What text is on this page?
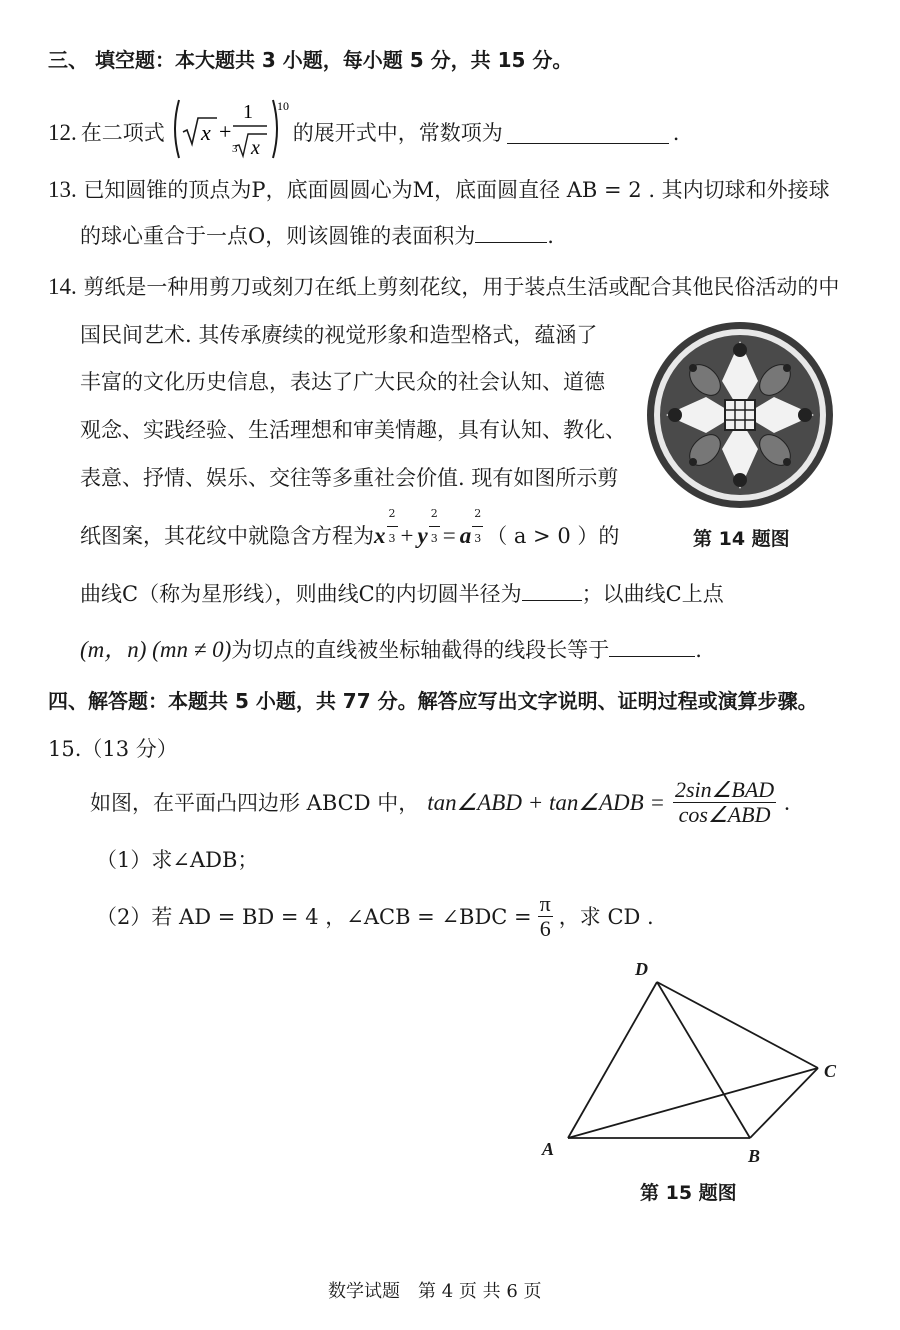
三、 填空题：本大题共 3 小题，每小题 5 分，共 15 分。
12. 在二项式 x +
1
3 x
10
的展开式中，常数项为	.
13. 已知圆锥的顶点为P，底面圆圆心为M，底面圆直径 AB = 2 . 其内切球和外接球
的球心重合于一点O，则该圆锥的表面积为	.
14. 剪纸是一种用剪刀或刻刀在纸上剪刻花纹，用于装点生活或配合其他民俗活动的中
国民间艺术. 其传承赓续的视觉形象和造型格式，蕴涵了
丰富的文化历史信息，表达了广大民众的社会认知、道德
观念、实践经验、生活理想和审美情趣，具有认知、教化、
表意、抒情、娱乐、交往等多重社会价值. 现有如图所示剪
纸图案，其花纹中就隐含方程为 x $\frac{2}{3} + y \frac{2}{3} = a \frac{2}{3}$ （ a > 0 ） 的
曲线C（称为星形线），则曲线C的内切圆半径为	；以曲线C上点
(m，n) (mn ≠ 0)为切点的直线被坐标轴截得的线段长等于	.
第 14 题图
四、解答题：本题共 5 小题，共 77 分。解答应写出文字说明、证明过程或演算步骤。
15.（13 分）
如图，在平面凸四边形 ABCD 中， tan∠ABD + tan∠ADB = $\frac{\text{2sin∠BAD}}{\text{cos∠ABD}}$ .
（1）求∠ADB；
（2）若 AD = BD = 4 ，∠ACB = ∠BDC = $\frac{\pi}{6}$ ，求 CD .
A	B
C
D
第 15 题图
数学试题　第 4 页 共 6 页
